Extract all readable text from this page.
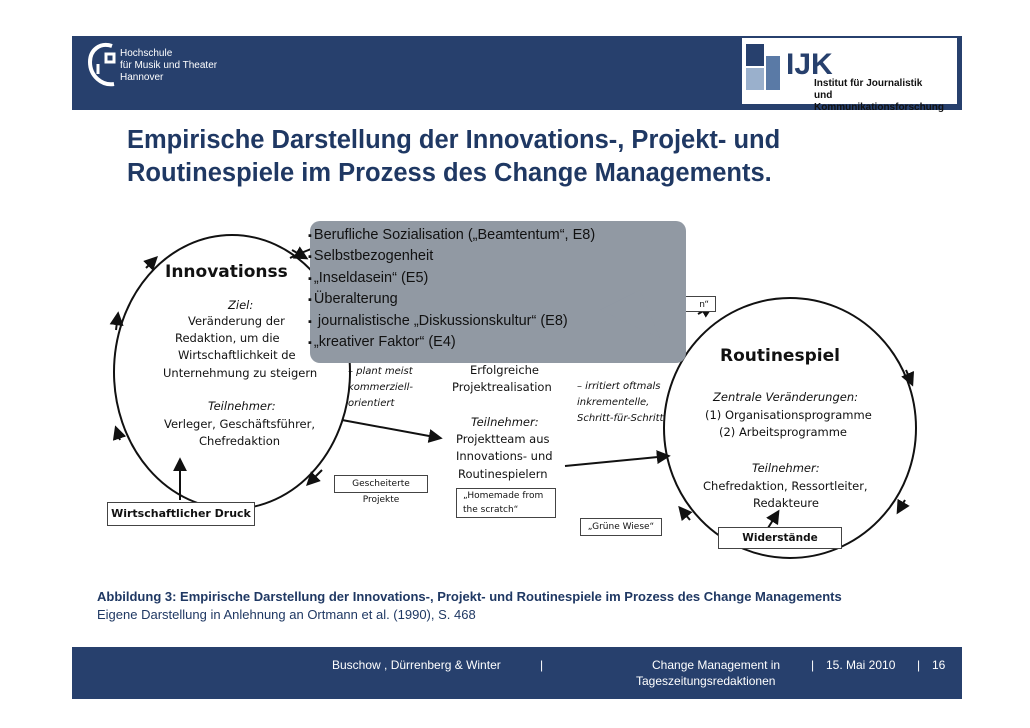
Hochschule
für Musik und Theater
Hannover	IJK
Institut für Journalistik
und Kommunikationsforschung
Empirische Darstellung der Innovations-, Projekt- und
Routinespiele im Prozess des Change Managements.
Innovationss
Ziel:
Veränderung der
Redaktion, um die
Wirtschaftlichkeit de
Unternehmung zu steigern
Teilnehmer:
Verleger, Geschäftsführer,
Chefredaktion
– plant meist
kommerziell-
orientiert
Erfolgreiche
Projektrealisation
Teilnehmer:
Projektteam aus
Innovations- und
Routinespielern
– irritiert oftmals
inkrementelle,
Schritt-für-Schritt
Gescheiterte Projekte	„Homemade from
the scratch“
„Grüne Wiese“
n“
Routinespiel
Zentrale Veränderungen:
(1) Organisationsprogramme
(2) Arbeitsprogramme
Teilnehmer:
Chefredaktion, Ressortleiter,
Redakteure
Widerstände
Wirtschaftlicher Druck
▪ Berufliche Sozialisation („Beamtentum“, E8)
▪ Selbstbezogenheit
▪ „Inseldasein“ (E5)
▪ Überalterung
▪ journalistische „Diskussionskultur“ (E8)
▪ „kreativer Faktor“ (E4)
Abbildung 3: Empirische Darstellung der Innovations-, Projekt- und Routinespiele im Prozess des Change Managements
Eigene Darstellung in Anlehnung an Ortmann et al. (1990), S. 468
Buschow , Dürrenberg & Winter	|	Change Management in
Tageszeitungsredaktionen
| 15. Mai 2010 | 16
